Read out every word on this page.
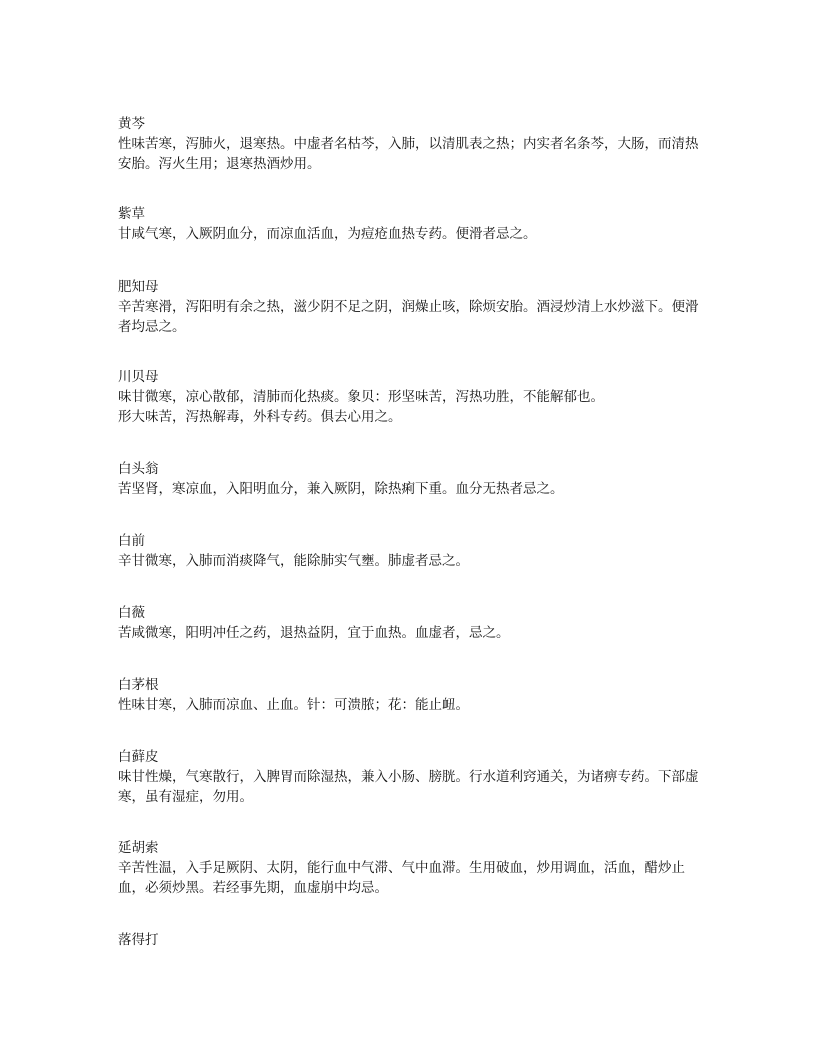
黄芩
性味苦寒，泻肺火，退寒热。中虚者名枯芩，入肺，以清肌表之热；内实者名条芩，大肠，而清热安胎。泻火生用；退寒热酒炒用。
紫草
甘咸气寒，入厥阴血分，而凉血活血，为痘疮血热专药。便滑者忌之。
肥知母
辛苦寒滑，泻阳明有余之热，滋少阴不足之阴，润燥止咳，除烦安胎。酒浸炒清上水炒滋下。便滑者均忌之。
川贝母
味甘微寒，凉心散郁，清肺而化热痰。象贝：形坚味苦，泻热功胜，不能解郁也。
形大味苦，泻热解毒，外科专药。俱去心用之。
白头翁
苦坚肾，寒凉血，入阳明血分，兼入厥阴，除热痢下重。血分无热者忌之。
白前
辛甘微寒，入肺而消痰降气，能除肺实气壅。肺虚者忌之。
白薇
苦咸微寒，阳明冲任之药，退热益阴，宜于血热。血虚者，忌之。
白茅根
性味甘寒，入肺而凉血、止血。针：可溃脓；花：能止衄。
白藓皮
味甘性燥，气寒散行，入脾胃而除湿热，兼入小肠、膀胱。行水道利窍通关，为诸痹专药。下部虚寒，虽有湿症，勿用。
延胡索
辛苦性温，入手足厥阴、太阴，能行血中气滞、气中血滞。生用破血，炒用调血，活血，醋炒止血，必须炒黑。若经事先期，血虚崩中均忌。
落得打
